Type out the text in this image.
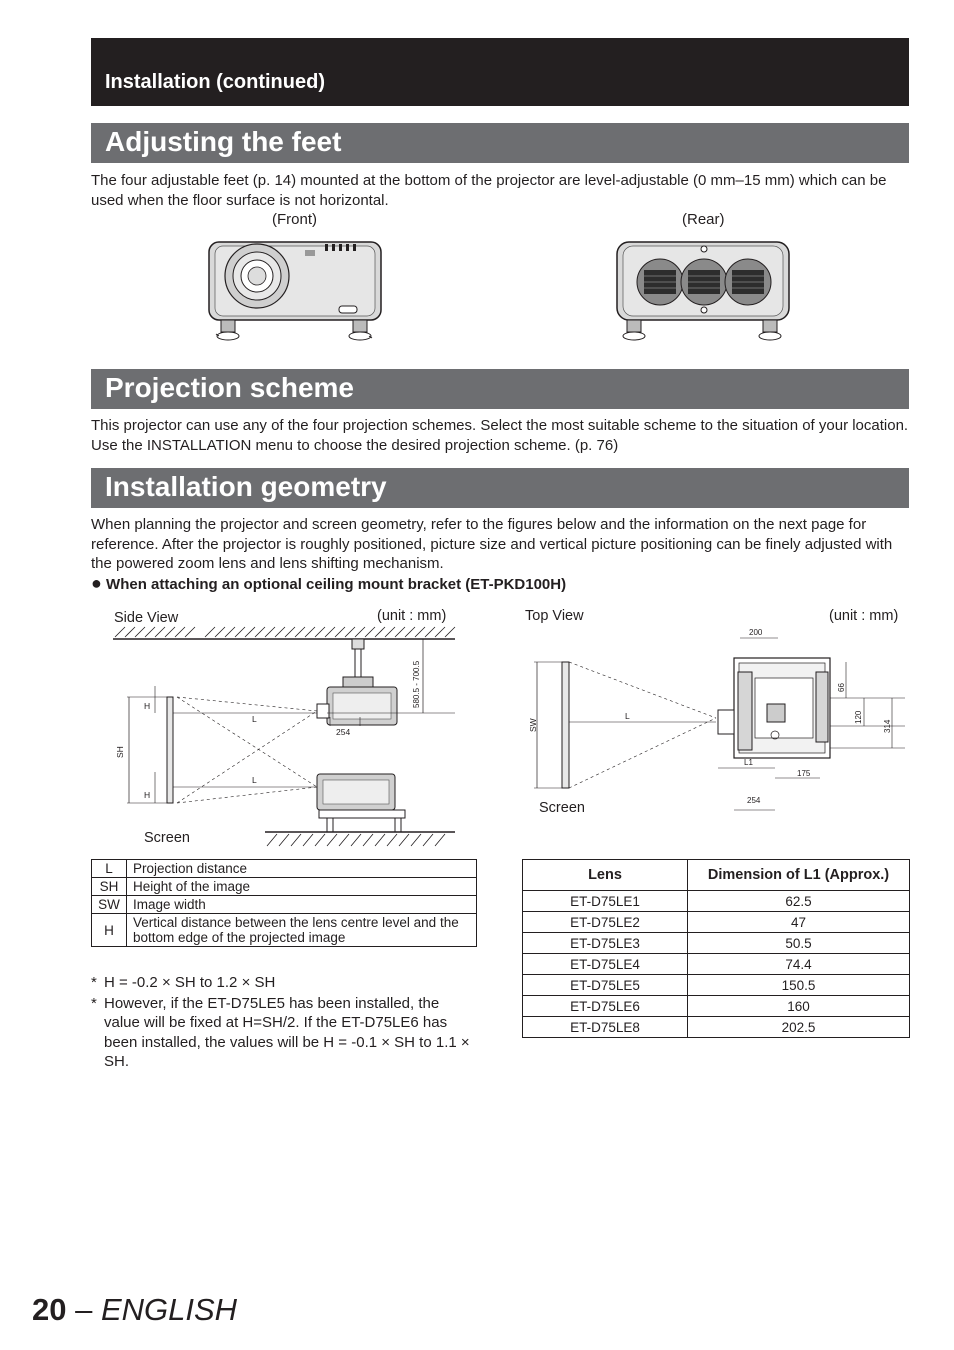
Installation (continued)
Adjusting the feet
The four adjustable feet (p. 14) mounted at the bottom of the projector are level-adjustable (0 mm–15 mm) which can be used when the floor surface is not horizontal.
(Front)	(Rear)
Projection scheme
This projector can use any of the four projection schemes. Select the most suitable scheme to the situation of your location. Use the INSTALLATION menu to choose the desired projection scheme. (p. 76)
Installation geometry
When planning the projector and screen geometry, refer to the figures below and the information on the next page for reference. After the projector is roughly positioned, picture size and vertical picture positioning can be finely adjusted with the powered zoom lens and lens shifting mechanism.
● When attaching an optional ceiling mount bracket (ET-PKD100H)
Side View	(unit : mm)
580.5 - 700.5
254
SH
H
H
L
L
Screen
Top View	(unit : mm)
SW
Screen
L
200
66
120
314
L1
175
254
L	Projection distance
SH	Height of the image
SW	Image width
H	Vertical distance between the lens centre level and the bottom edge of the projected image
* H = -0.2 × SH to 1.2 × SH
* However, if the ET-D75LE5 has been installed, the value will be fixed at H=SH/2. If the ET-D75LE6 has been installed, the values will be H = -0.1 × SH to 1.1 × SH.
Lens	Dimension of L1 (Approx.)
ET-D75LE1	62.5
ET-D75LE2	47
ET-D75LE3	50.5
ET-D75LE4	74.4
ET-D75LE5	150.5
ET-D75LE6	160
ET-D75LE8	202.5
20 – ENGLISH
